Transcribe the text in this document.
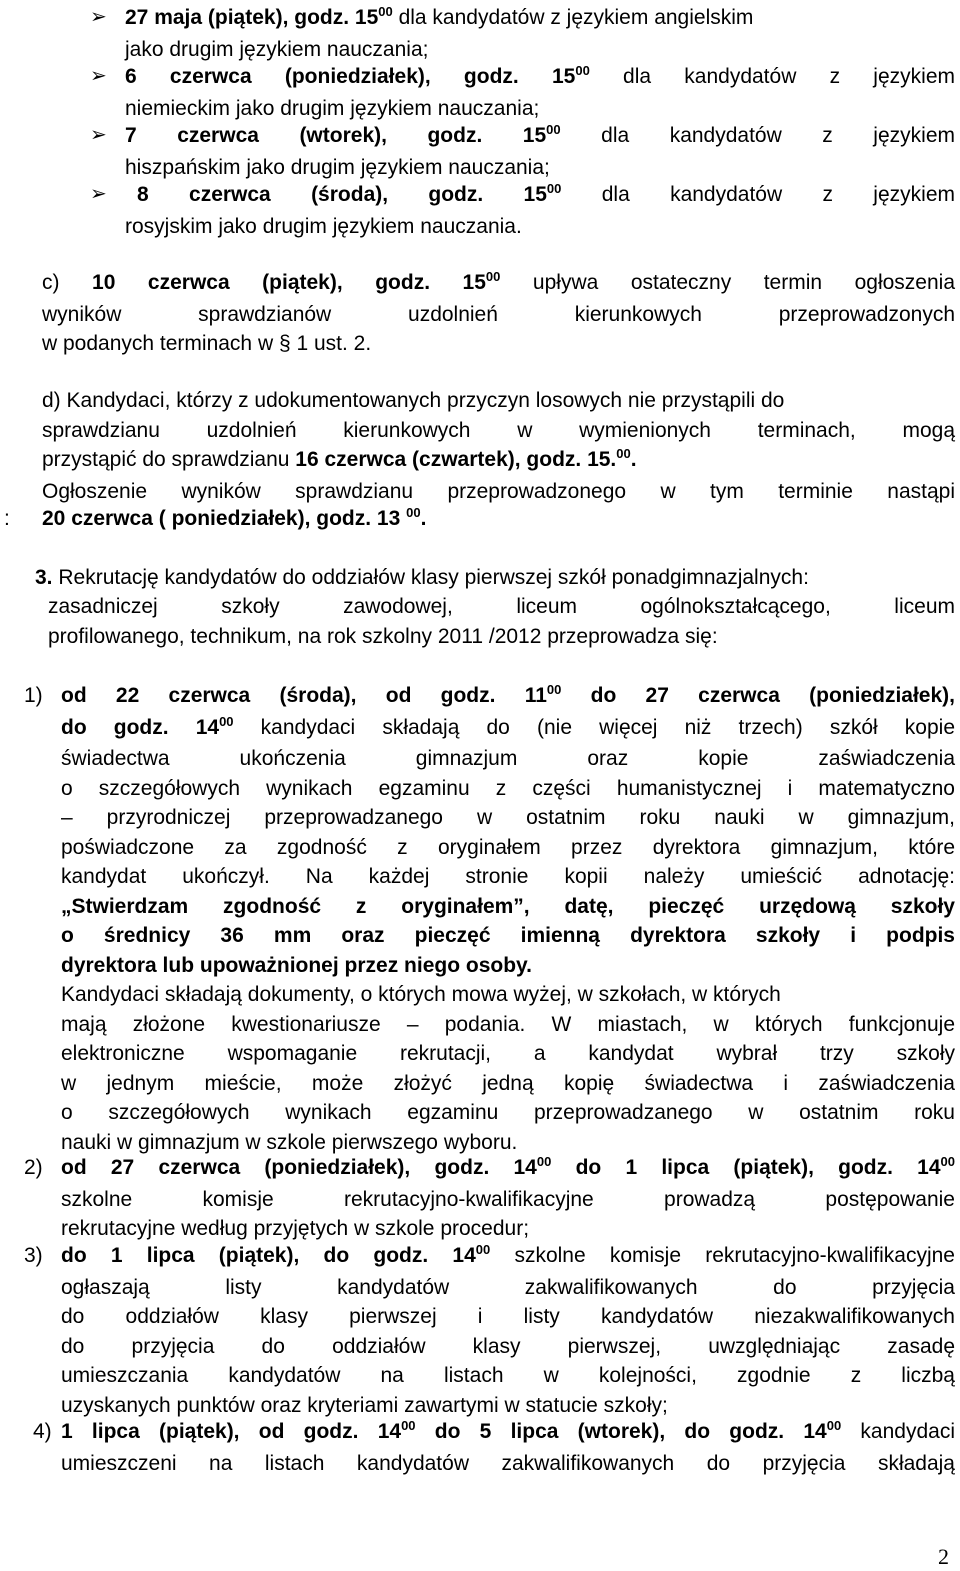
➢ 27 maja (piątek), godz. $15^{00}$ dla kandydatów z językiem angielskim
jako drugim językiem nauczania;
➢ 6 czerwca (poniedziałek), godz. $15^{00}$ dla kandydatów z językiem
niemieckim jako drugim językiem nauczania;
➢ 7 czerwca (wtorek), godz. $15^{00}$ dla kandydatów z językiem
hiszpańskim jako drugim językiem nauczania;
➢ 8 czerwca (środa), godz. $15^{00}$ dla kandydatów z językiem
rosyjskim jako drugim językiem nauczania.
c) 10 czerwca (piątek), godz. $15^{00}$ upływa ostateczny termin ogłoszenia
wyników sprawdzianów uzdolnień kierunkowych przeprowadzonych
w podanych terminach w § 1 ust. 2.
d) Kandydaci, którzy z udokumentowanych przyczyn losowych nie przystąpili do
sprawdzianu uzdolnień kierunkowych w wymienionych terminach, mogą
przystąpić do sprawdzianu 16 czerwca (czwartek), godz. 15.00.
Ogłoszenie wyników sprawdzianu przeprowadzonego w tym terminie nastąpi
: 20 czerwca ( poniedziałek), godz. 13 $^{00}$.
3. Rekrutację kandydatów do oddziałów klasy pierwszej szkół ponadgimnazjalnych:
zasadniczej szkoły zawodowej, liceum ogólnokształcącego, liceum
profilowanego, technikum, na rok szkolny 2011 /2012 przeprowadza się:
1) od 22 czerwca (środa), od godz. $11^{00}$ do 27 czerwca (poniedziałek),
do godz. $14^{00}$ kandydaci składają do (nie więcej niż trzech) szkół kopie
świadectwa ukończenia gimnazjum oraz kopie zaświadczenia
o szczegółowych wynikach egzaminu z części humanistycznej i matematyczno
– przyrodniczej przeprowadzanego w ostatnim roku nauki w gimnazjum,
poświadczone za zgodność z oryginałem przez dyrektora gimnazjum, które
kandydat ukończył. Na każdej stronie kopii należy umieścić adnotację:
„Stwierdzam zgodność z oryginałem”, datę, pieczęć urzędową szkoły
o średnicy 36 mm oraz pieczęć imienną dyrektora szkoły i podpis
dyrektora lub upoważnionej przez niego osoby.
Kandydaci składają dokumenty, o których mowa wyżej, w szkołach, w których
mają złożone kwestionariusze – podania. W miastach, w których funkcjonuje
elektroniczne wspomaganie rekrutacji, a kandydat wybrał trzy szkoły
w jednym mieście, może złożyć jedną kopię świadectwa i zaświadczenia
o szczegółowych wynikach egzaminu przeprowadzanego w ostatnim roku
nauki w gimnazjum w szkole pierwszego wyboru.
2) od 27 czerwca (poniedziałek), godz. $14^{00}$ do 1 lipca (piątek), godz. $14^{00}$
szkolne komisje rekrutacyjno-kwalifikacyjne prowadzą postępowanie
rekrutacyjne według przyjętych w szkole procedur;
3) do 1 lipca (piątek), do godz. $14^{00}$ szkolne komisje rekrutacyjno-kwalifikacyjne
ogłaszają listy kandydatów zakwalifikowanych do przyjęcia
do oddziałów klasy pierwszej i listy kandydatów niezakwalifikowanych
do przyjęcia do oddziałów klasy pierwszej, uwzględniając zasadę
umieszczania kandydatów na listach w kolejności, zgodnie z liczbą
uzyskanych punktów oraz kryteriami zawartymi w statucie szkoły;
4) 1 lipca (piątek), od godz. $14^{00}$ do 5 lipca (wtorek), do godz. $14^{00}$ kandydaci
umieszczeni na listach kandydatów zakwalifikowanych do przyjęcia składają
2
